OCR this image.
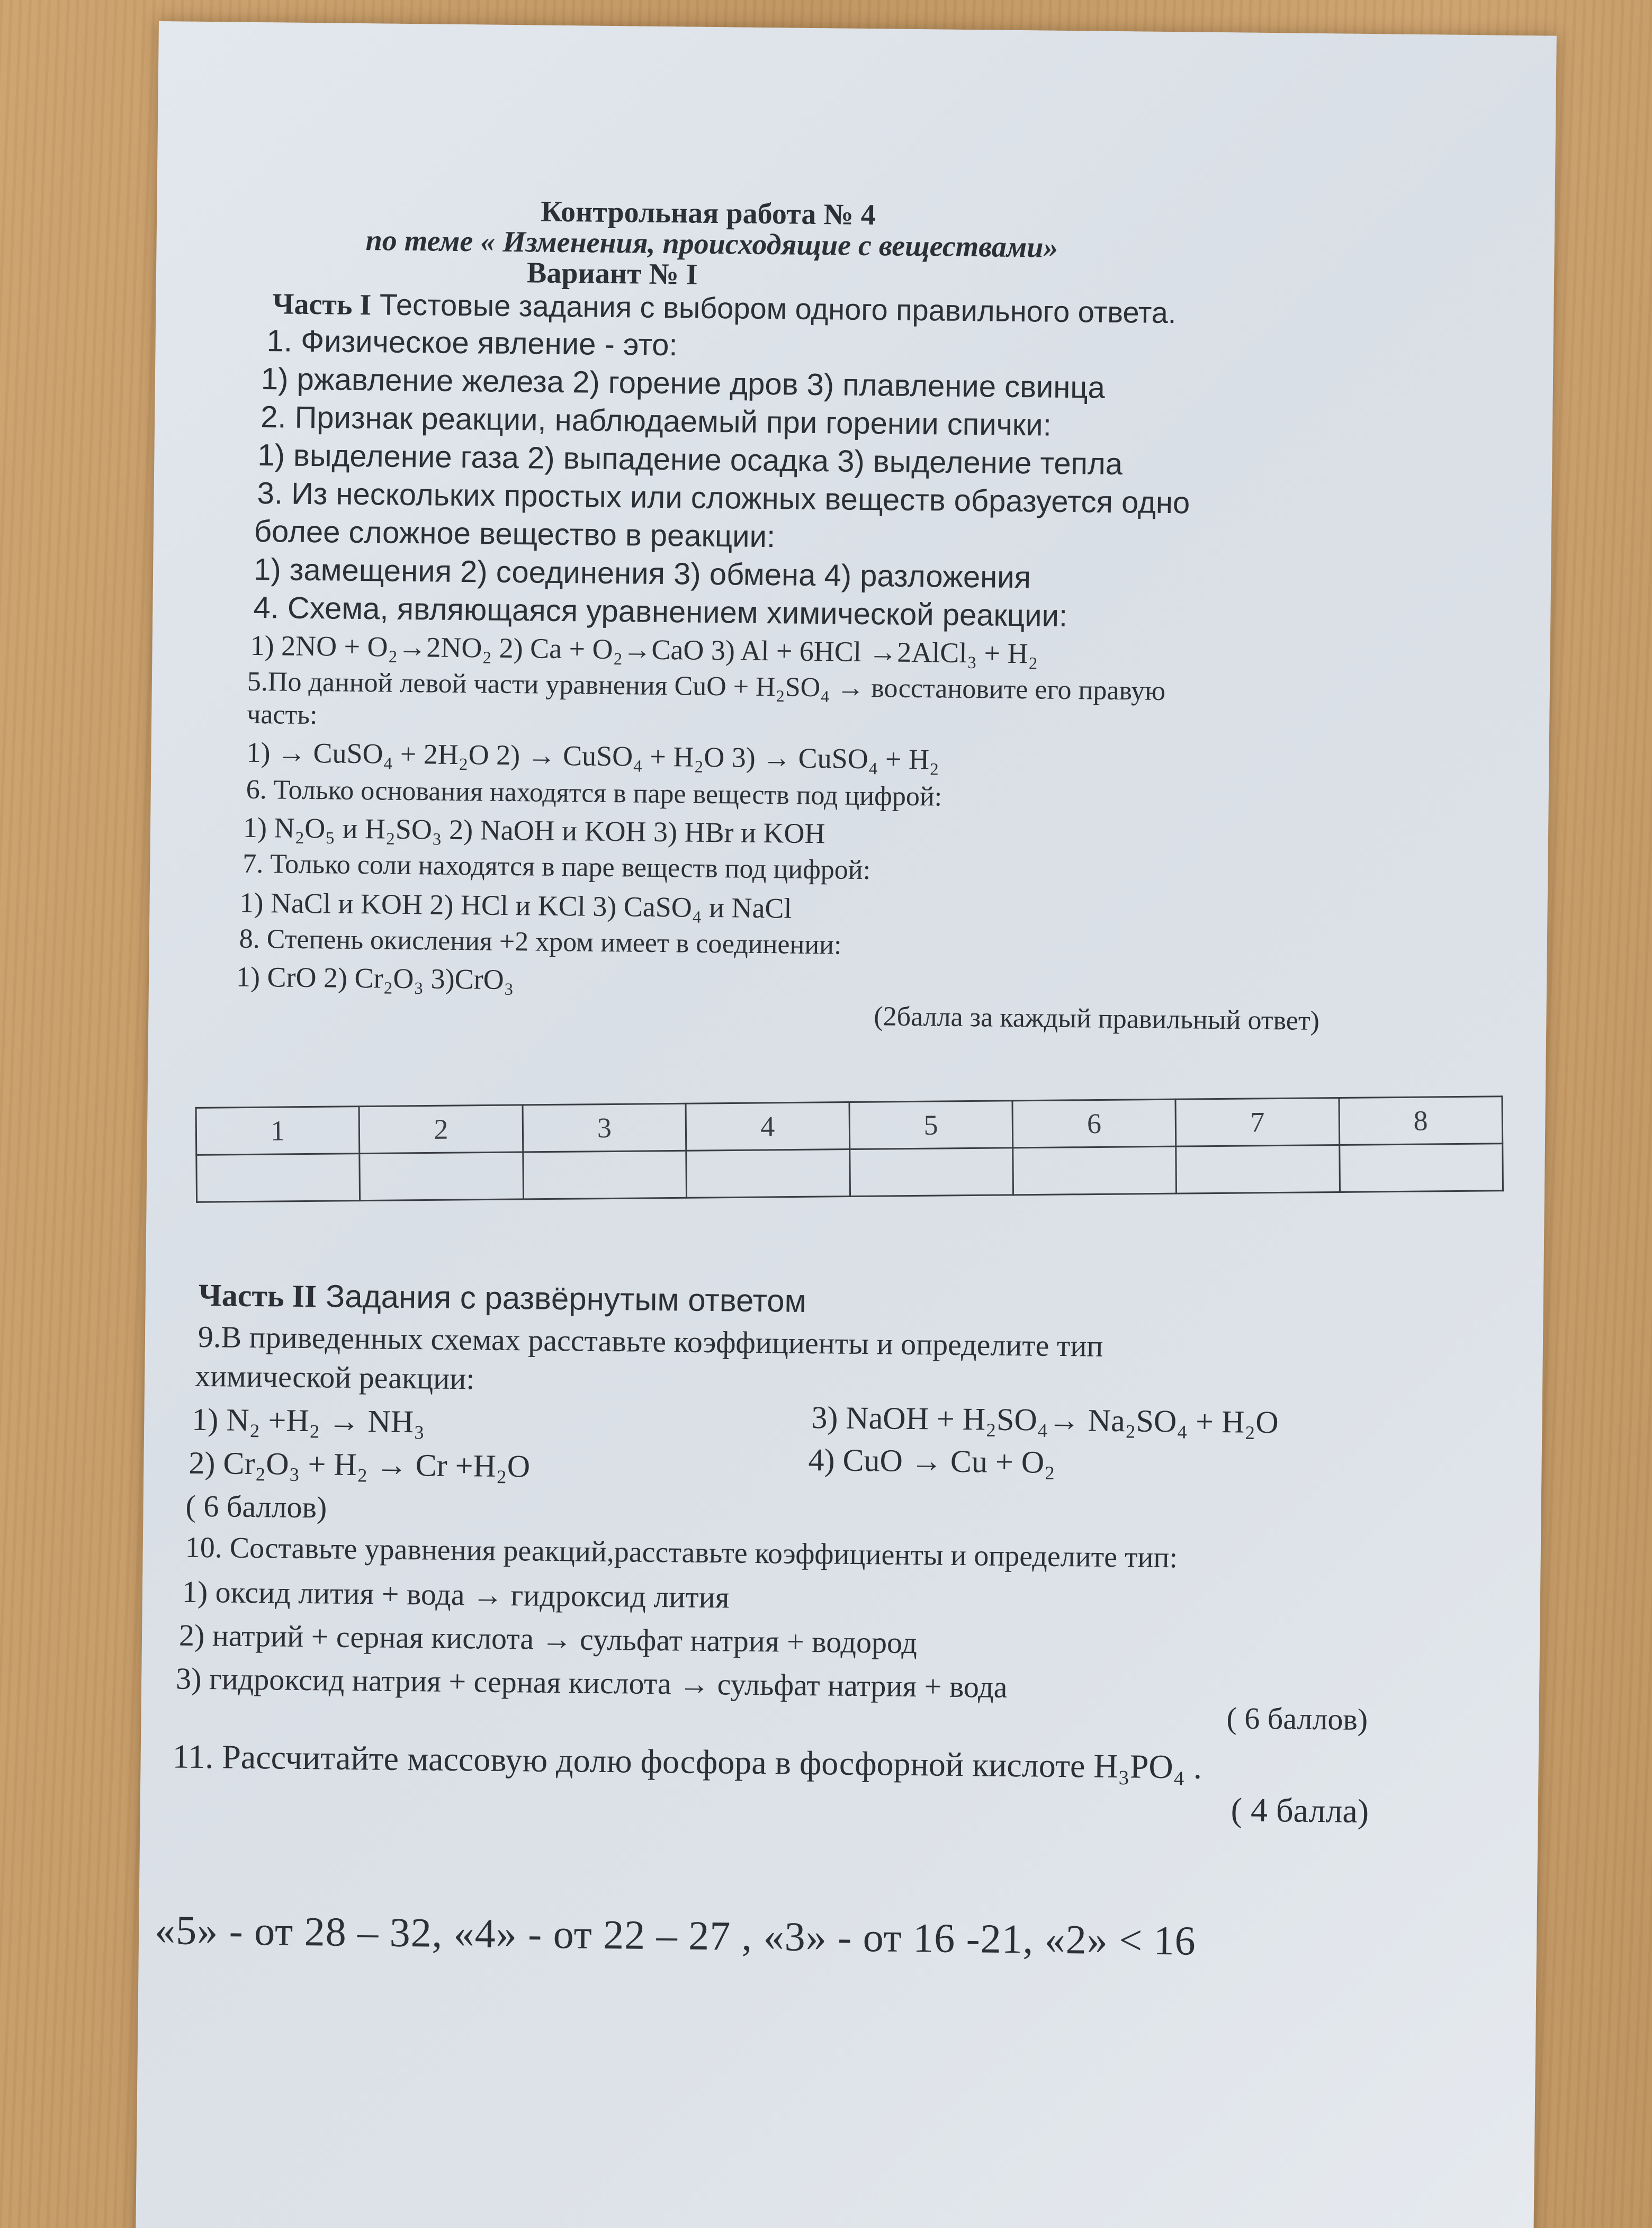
Контрольная работа № 4
по теме « Изменения, происходящие с веществами»
Вариант № I
Часть I Тестовые задания с выбором одного правильного ответа.
1. Физическое явление - это:
1) ржавление железа 2) горение дров 3) плавление свинца
2. Признак реакции, наблюдаемый при горении спички:
1) выделение газа 2) выпадение осадка 3) выделение тепла
3. Из нескольких простых или сложных веществ образуется одно
более сложное вещество в реакции:
1) замещения 2) соединения 3) обмена 4) разложения
4. Схема, являющаяся уравнением химической реакции:
1) 2NO + O₂→2NO₂ 2) Ca + O₂→CaO 3) Al + 6HCl →2AlCl₃ + H₂
5.По данной левой части уравнения CuO + H₂SO₄ → восстановите его правую
часть:
1) → CuSO₄ + 2H₂O 2) → CuSO₄ + H₂O 3) → CuSO₄ + H₂
6. Только основания находятся в паре веществ под цифрой:
1) N₂O₅ и H₂SO₃ 2) NaOH и KOH 3) HBr и KOH
7. Только соли находятся в паре веществ под цифрой:
1) NaCl и KOH 2) HCl и KCl 3) CaSO₄ и NaCl
8. Степень окисления +2 хром имеет в соединении:
1) CrO 2) Cr₂O₃ 3)CrO₃
(2балла за каждый правильный ответ)
1	2	3	4	5	6	7	8

Часть II Задания с развёрнутым ответом
9.В приведенных схемах расставьте коэффициенты и определите тип
химической реакции:
1) N₂ +H₂ → NH₃	3) NaOH + H₂SO₄→ Na₂SO₄ + H₂O
2) Cr₂O₃ + H₂ → Cr +H₂O	4) CuO → Cu + O₂
( 6 баллов)
10. Составьте уравнения реакций,расставьте коэффициенты и определите тип:
1) оксид лития + вода → гидроксид лития
2) натрий + серная кислота → сульфат натрия + водород
3) гидроксид натрия + серная кислота → сульфат натрия + вода
( 6 баллов)
11. Рассчитайте массовую долю фосфора в фосфорной кислоте H₃PO₄ .
( 4 балла)
«5» - от 28 – 32, «4» - от 22 – 27 , «3» - от 16 -21, «2» < 16
